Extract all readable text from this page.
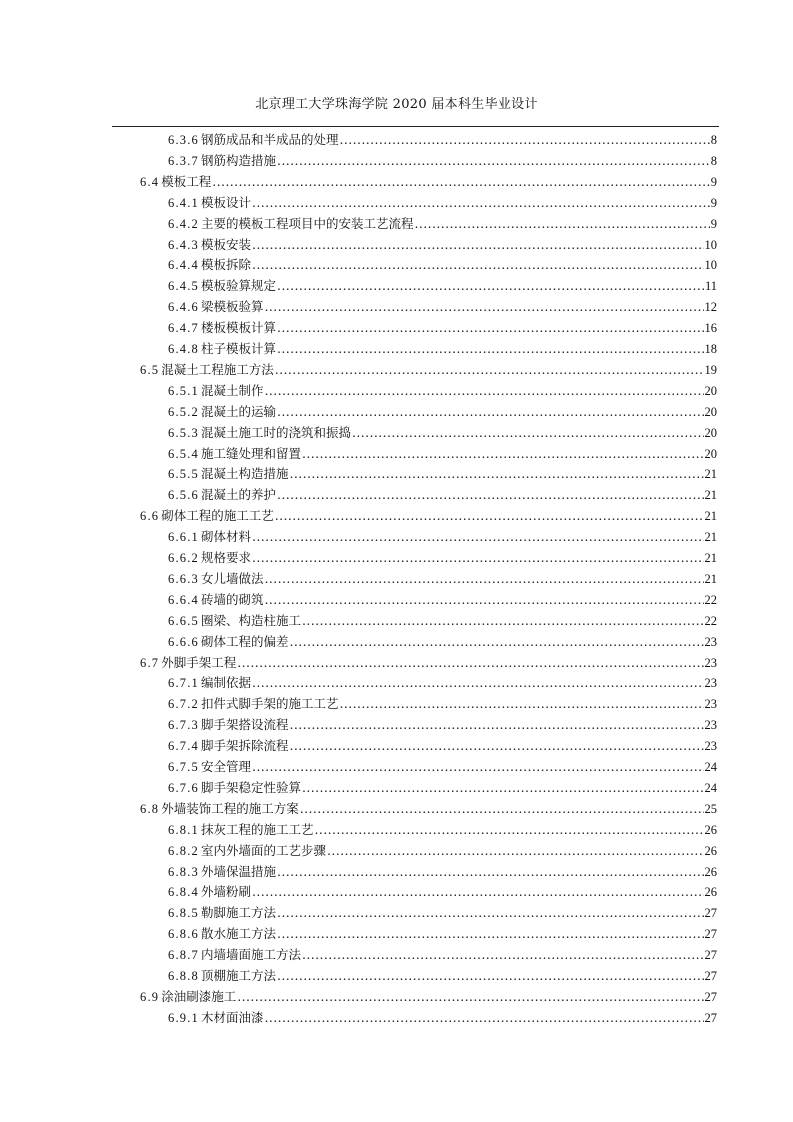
北京理工大学珠海学院 2020 届本科生毕业设计
6.3.6 钢筋成品和半成品的处理 .....	8
6.3.7 钢筋构造措施 .....	8
6.4 模板工程 .....	9
6.4.1 模板设计 .....	9
6.4.2 主要的模板工程项目中的安装工艺流程 .....	9
6.4.3 模板安装 .....	10
6.4.4 模板拆除 .....	10
6.4.5 模板验算规定 .....	11
6.4.6 梁模板验算 .....	12
6.4.7 楼板模板计算 .....	16
6.4.8 柱子模板计算 .....	18
6.5 混凝土工程施工方法 .....	19
6.5.1 混凝土制作 .....	20
6.5.2 混凝土的运输 .....	20
6.5.3 混凝土施工时的浇筑和振捣 .....	20
6.5.4 施工缝处理和留置 .....	20
6.5.5 混凝土构造措施 .....	21
6.5.6 混凝土的养护 .....	21
6.6 砌体工程的施工工艺 .....	21
6.6.1 砌体材料 .....	21
6.6.2 规格要求 .....	21
6.6.3 女儿墙做法 .....	21
6.6.4 砖墙的砌筑 .....	22
6.6.5 圈梁、构造柱施工 .....	22
6.6.6 砌体工程的偏差 .....	23
6.7 外脚手架工程 .....	23
6.7.1 编制依据 .....	23
6.7.2 扣件式脚手架的施工工艺 .....	23
6.7.3 脚手架搭设流程 .....	23
6.7.4 脚手架拆除流程 .....	23
6.7.5 安全管理 .....	24
6.7.6 脚手架稳定性验算 .....	24
6.8 外墙装饰工程的施工方案 .....	25
6.8.1 抹灰工程的施工工艺 .....	26
6.8.2 室内外墙面的工艺步骤 .....	26
6.8.3 外墙保温措施 .....	26
6.8.4 外墙粉刷 .....	26
6.8.5 勒脚施工方法 .....	27
6.8.6 散水施工方法 .....	27
6.8.7 内墙墙面施工方法 .....	27
6.8.8 顶棚施工方法 .....	27
6.9 涂油刷漆施工 .....	27
6.9.1 木材面油漆 .....	27
